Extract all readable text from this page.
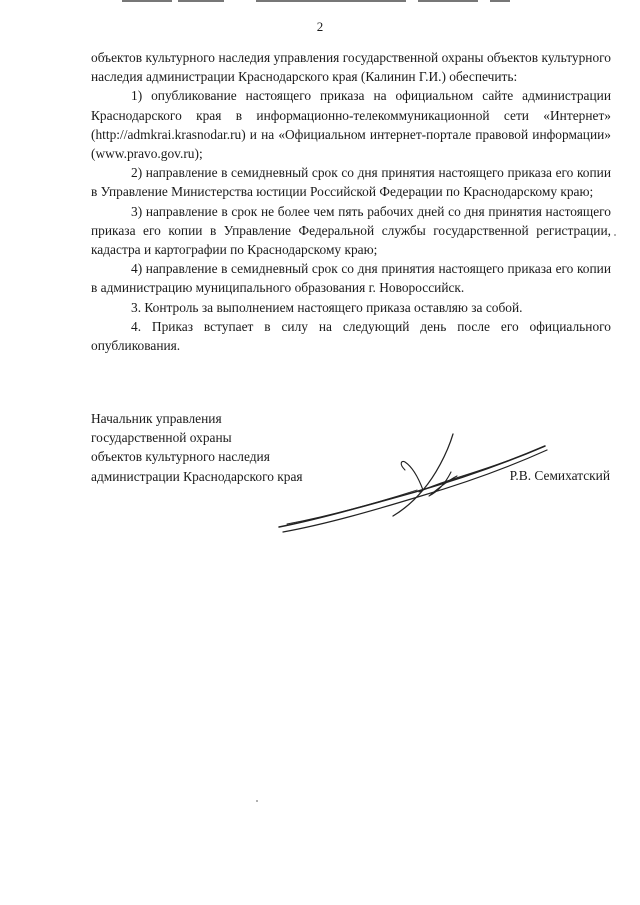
2

объектов культурного наследия управления государственной охраны объектов культурного наследия администрации Краснодарского края (Калинин Г.И.) обеспечить:

1) опубликование настоящего приказа на официальном сайте администрации Краснодарского края в информационно-телекоммуникационной сети «Интернет» (http://admkrai.krasnodar.ru) и на «Официальном интернет-портале правовой информации» (www.pravo.gov.ru);

2) направление в семидневный срок со дня принятия настоящего приказа его копии в Управление Министерства юстиции Российской Федерации по Краснодарскому краю;

3) направление в срок не более чем пять рабочих дней со дня принятия настоящего приказа его копии в Управление Федеральной службы государственной регистрации, кадастра и картографии по Краснодарскому краю;

4) направление в семидневный срок со дня принятия настоящего приказа его копии в администрацию муниципального образования г. Новороссийск.

3. Контроль за выполнением настоящего приказа оставляю за собой.

4. Приказ вступает в силу на следующий день после его официального опубликования.

Начальник управления
государственной охраны
объектов культурного наследия
администрации Краснодарского края	Р.В. Семихатский
